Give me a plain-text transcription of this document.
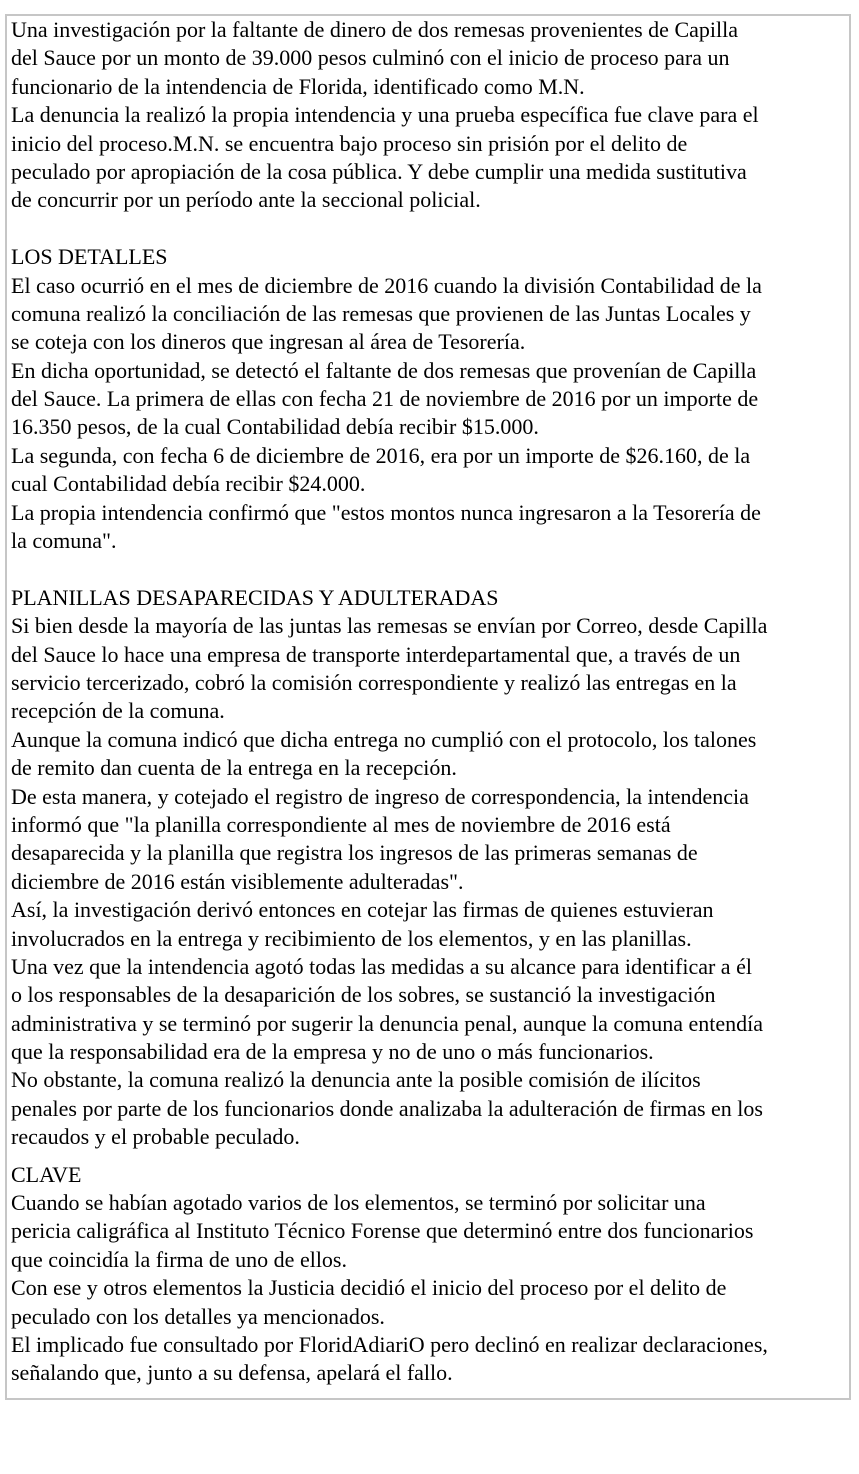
Una investigación por la faltante de dinero de dos remesas provenientes de Capilla
del Sauce por un monto de 39.000 pesos culminó con el inicio de proceso para un
funcionario de la intendencia de Florida, identificado como M.N.
La denuncia la realizó la propia intendencia y una prueba específica fue clave para el
inicio del proceso.M.N. se encuentra bajo proceso sin prisión por el delito de
peculado por apropiación de la cosa pública. Y debe cumplir una medida sustitutiva
de concurrir por un período ante la seccional policial.
LOS DETALLES
El caso ocurrió en el mes de diciembre de 2016 cuando la división Contabilidad de la
comuna realizó la conciliación de las remesas que provienen de las Juntas Locales y
se coteja con los dineros que ingresan al área de Tesorería.
En dicha oportunidad, se detectó el faltante de dos remesas que provenían de Capilla
del Sauce. La primera de ellas con fecha 21 de noviembre de 2016 por un importe de
16.350 pesos, de la cual Contabilidad debía recibir $15.000.
La segunda, con fecha 6 de diciembre de 2016, era por un importe de $26.160, de la
cual Contabilidad debía recibir $24.000.
La propia intendencia confirmó que "estos montos nunca ingresaron a la Tesorería de
la comuna".
PLANILLAS DESAPARECIDAS Y ADULTERADAS
Si bien desde la mayoría de las juntas las remesas se envían por Correo, desde Capilla
del Sauce lo hace una empresa de transporte interdepartamental que, a través de un
servicio tercerizado, cobró la comisión correspondiente y realizó las entregas en la
recepción de la comuna.
Aunque la comuna indicó que dicha entrega no cumplió con el protocolo, los talones
de remito dan cuenta de la entrega en la recepción.
De esta manera, y cotejado el registro de ingreso de correspondencia, la intendencia
informó que "la planilla correspondiente al mes de noviembre de 2016 está
desaparecida y la planilla que registra los ingresos de las primeras semanas de
diciembre de 2016 están visiblemente adulteradas".
Así, la investigación derivó entonces en cotejar las firmas de quienes estuvieran
involucrados en la entrega y recibimiento de los elementos, y en las planillas.
Una vez que la intendencia agotó todas las medidas a su alcance para identificar a él
o los responsables de la desaparición de los sobres, se sustanció la investigación
administrativa y se terminó por sugerir la denuncia penal, aunque la comuna entendía
que la responsabilidad era de la empresa y no de uno o más funcionarios.
No obstante, la comuna realizó la denuncia ante la posible comisión de ilícitos
penales por parte de los funcionarios donde analizaba la adulteración de firmas en los
recaudos y el probable peculado.
CLAVE
Cuando se habían agotado varios de los elementos, se terminó por solicitar una
pericia caligráfica al Instituto Técnico Forense que determinó entre dos funcionarios
que coincidía la firma de uno de ellos.
Con ese y otros elementos la Justicia decidió el inicio del proceso por el delito de
peculado con los detalles ya mencionados.
El implicado fue consultado por FloridAdiariO pero declinó en realizar declaraciones,
señalando que, junto a su defensa, apelará el fallo.
